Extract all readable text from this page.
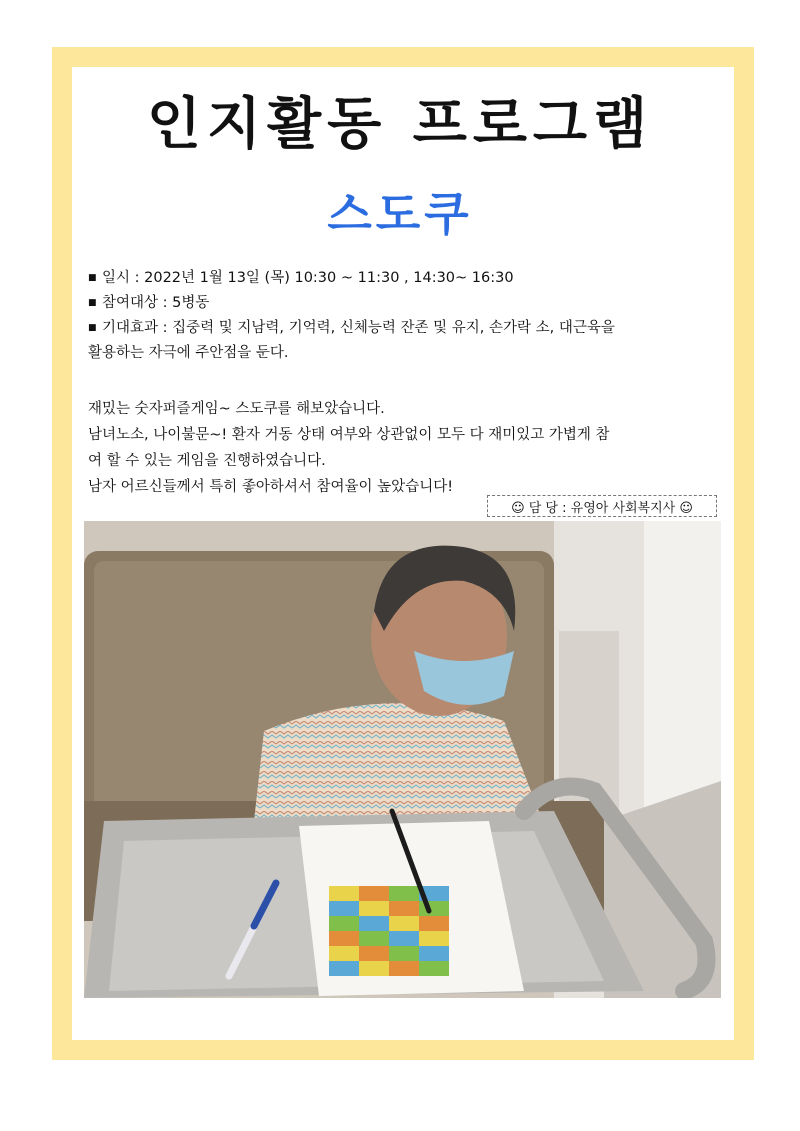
인지활동 프로그램
스도쿠
■ 일시 : 2022년 1월 13일 (목) 10:30 ~ 11:30 , 14:30~ 16:30
■ 참여대상 : 5병동
■ 기대효과 : 집중력 및 지남력, 기억력, 신체능력 잔존 및 유지, 손가락 소, 대근육을
활용하는 자극에 주안점을 둔다.
재밌는 숫자퍼즐게임~ 스도쿠를 해보았습니다.
남녀노소, 나이불문~! 환자 거동 상태 여부와 상관없이 모두 다 재미있고 가볍게 참
여 할 수 있는 게임을 진행하였습니다.
남자 어르신들께서 특히 좋아하셔서 참여율이 높았습니다!
☺ 담 당 : 유영아 사회복지사 ☺
